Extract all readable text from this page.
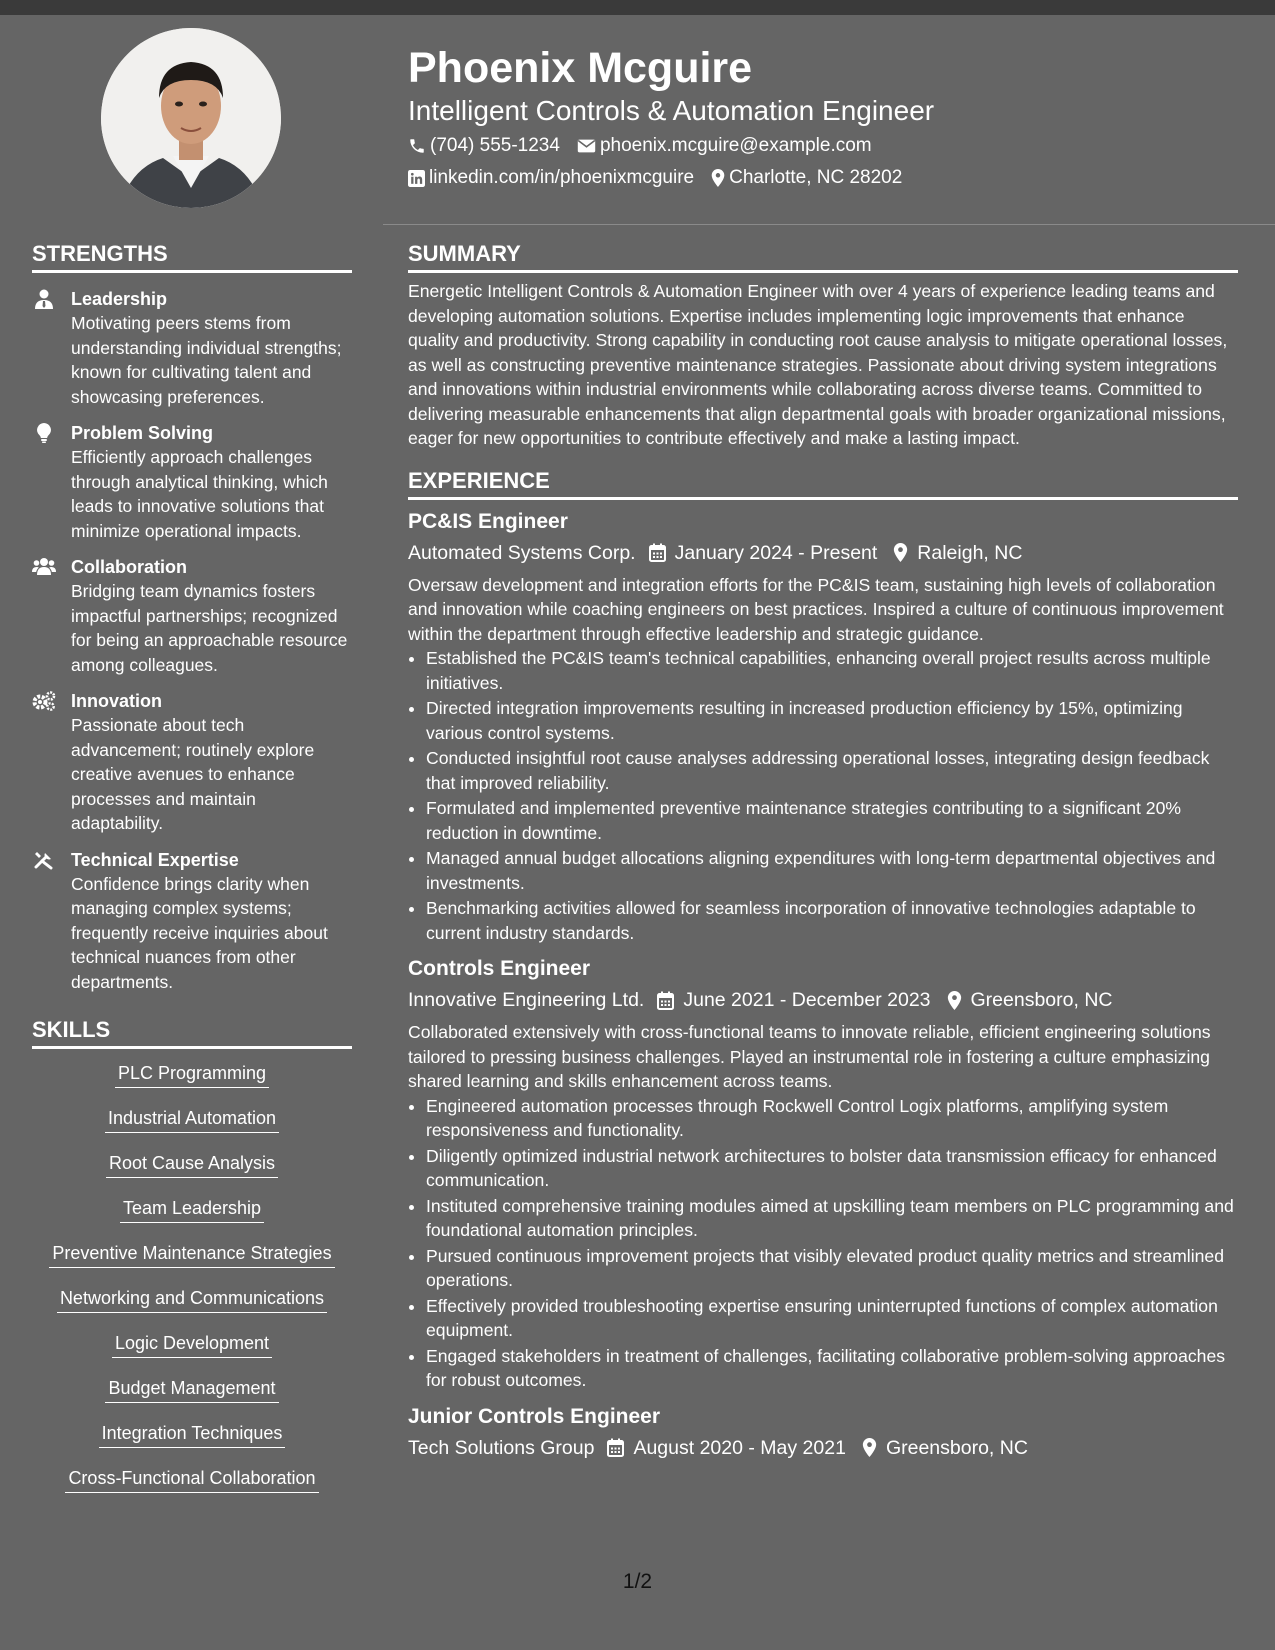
Phoenix Mcguire
Intelligent Controls & Automation Engineer
(704) 555-1234 phoenix.mcguire@example.com
linkedin.com/in/phoenixmcguire Charlotte, NC 28202
STRENGTHS
Leadership
Motivating peers stems from understanding individual strengths; known for cultivating talent and showcasing preferences.
Problem Solving
Efficiently approach challenges through analytical thinking, which leads to innovative solutions that minimize operational impacts.
Collaboration
Bridging team dynamics fosters impactful partnerships; recognized for being an approachable resource among colleagues.
Innovation
Passionate about tech advancement; routinely explore creative avenues to enhance processes and maintain adaptability.
Technical Expertise
Confidence brings clarity when managing complex systems; frequently receive inquiries about technical nuances from other departments.
SKILLS
PLC Programming
Industrial Automation
Root Cause Analysis
Team Leadership
Preventive Maintenance Strategies
Networking and Communications
Logic Development
Budget Management
Integration Techniques
Cross-Functional Collaboration
SUMMARY

Energetic Intelligent Controls & Automation Engineer with over 4 years of experience leading teams and developing automation solutions. Expertise includes implementing logic improvements that enhance quality and productivity. Strong capability in conducting root cause analysis to mitigate operational losses, as well as constructing preventive maintenance strategies. Passionate about driving system integrations and innovations within industrial environments while collaborating across diverse teams. Committed to delivering measurable enhancements that align departmental goals with broader organizational missions, eager for new opportunities to contribute effectively and make a lasting impact.

EXPERIENCE
PC&IS Engineer
Automated Systems Corp. January 2024 - Present Raleigh, NC

Oversaw development and integration efforts for the PC&IS team, sustaining high levels of collaboration and innovation while coaching engineers on best practices. Inspired a culture of continuous improvement within the department through effective leadership and strategic guidance.

• Established the PC&IS team's technical capabilities, enhancing overall project results across multiple initiatives.
• Directed integration improvements resulting in increased production efficiency by 15%, optimizing various control systems.
• Conducted insightful root cause analyses addressing operational losses, integrating design feedback that improved reliability.
• Formulated and implemented preventive maintenance strategies contributing to a significant 20% reduction in downtime.
• Managed annual budget allocations aligning expenditures with long-term departmental objectives and investments.
• Benchmarking activities allowed for seamless incorporation of innovative technologies adaptable to current industry standards.
Controls Engineer
Innovative Engineering Ltd. June 2021 - December 2023 Greensboro, NC

Collaborated extensively with cross-functional teams to innovate reliable, efficient engineering solutions tailored to pressing business challenges. Played an instrumental role in fostering a culture emphasizing shared learning and skills enhancement across teams.

• Engineered automation processes through Rockwell Control Logix platforms, amplifying system responsiveness and functionality.
• Diligently optimized industrial network architectures to bolster data transmission efficacy for enhanced communication.
• Instituted comprehensive training modules aimed at upskilling team members on PLC programming and foundational automation principles.
• Pursued continuous improvement projects that visibly elevated product quality metrics and streamlined operations.
• Effectively provided troubleshooting expertise ensuring uninterrupted functions of complex automation equipment.
• Engaged stakeholders in treatment of challenges, facilitating collaborative problem-solving approaches for robust outcomes.
Junior Controls Engineer
Tech Solutions Group August 2020 - May 2021 Greensboro, NC
1/2
